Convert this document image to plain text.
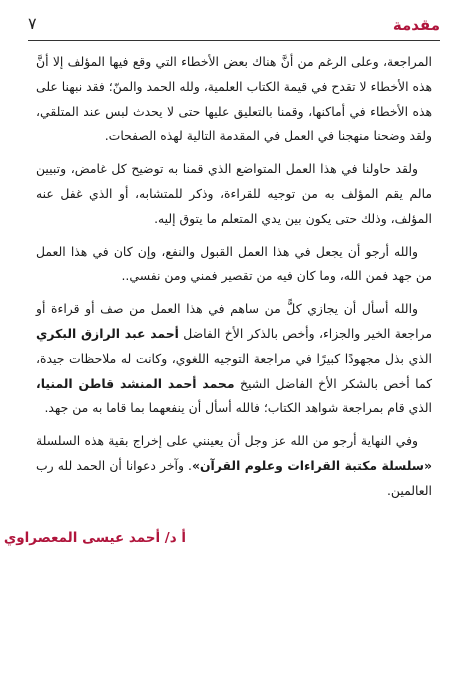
مقدمة
٧

المراجعة، وعلى الرغم من أنَّ هناك بعض الأخطاء التي وقع فيها المؤلف إلا أنَّ هذه الأخطاء لا تقدح في قيمة الكتاب العلمية، ولله الحمد والمنّ؛ فقد نبهنا على هذه الأخطاء في أماكنها، وقمنا بالتعليق عليها حتى لا يحدث لبس عند المتلقي، ولقد وضحنا منهجنا في العمل في المقدمة التالية لهذه الصفحات.

ولقد حاولنا في هذا العمل المتواضع الذي قمنا به توضيح كل غامض، وتبيين مالم يقم المؤلف به من توجيه للقراءة، وذكر للمتشابه، أو الذي غفل عنه المؤلف، وذلك حتى يكون بين يدي المتعلم ما يتوق إليه.

والله أرجو أن يجعل في هذا العمل القبول والنفع، وإن كان في هذا العمل من جهد فمن الله، وما كان فيه من تقصير فمني ومن نفسي..

والله أسأل أن يجازي كلًّ من ساهم في هذا العمل من صف أو قراءة أو مراجعة الخير والجزاء، وأخص بالذكر الأخ الفاضل أحمد عبد الرازق البكري الذي بذل مجهودًا كبيرًا في مراجعة التوجيه اللغوي، وكانت له ملاحظات جيدة، كما أخص بالشكر الأخ الفاضل الشيخ محمد أحمد المنشد قاطن المنيا، الذي قام بمراجعة شواهد الكتاب؛ فالله أسأل أن ينفعهما بما قاما به من جهد.

وفي النهاية أرجو من الله عز وجل أن يعينني على إخراج بقية هذه السلسلة «سلسلة مكتبة القراءات وعلوم القرآن». وآخر دعوانا أن الحمد لله رب العالمين.

أ د/ أحمد عيسى المعصراوي
